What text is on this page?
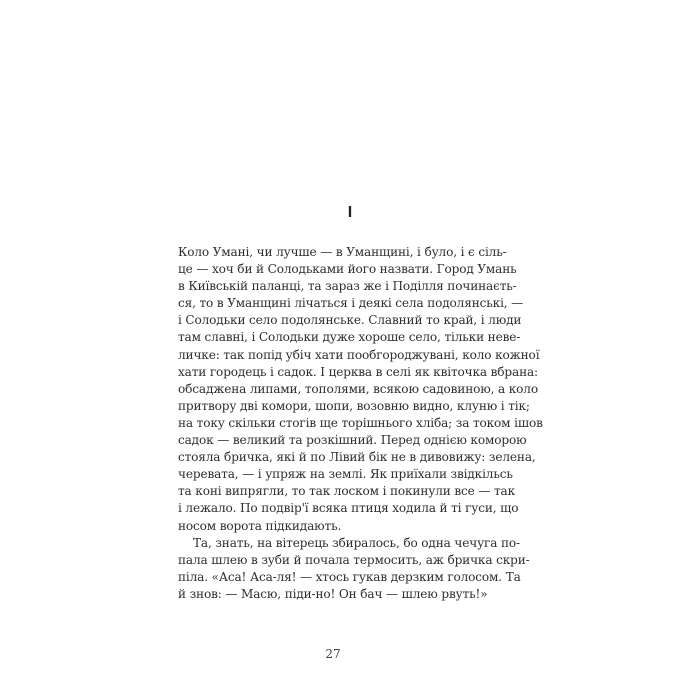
I
Коло Умані, чи лучше — в Уманщині, і було, і є сіль-
це — хоч би й Солодьками його назвати. Город Умань
в Київській паланці, та зараз же і Поділля починаєть-
ся, то в Уманщині лічаться і деякі села подолянські, —
і Солодьки село подолянське. Славний то край, і люди
там славні, і Солодьки дуже хороше село, тільки неве-
личке: так попід убіч хати пообгороджувані, коло кожної
хати городець і садок. І церква в селі як квіточка вбрана:
обсаджена липами, тополями, всякою садовиною, а коло
притвору дві комори, шопи, возовню видно, клуню і тік;
на току скільки стогів ще торішнього хліба; за током ішов
садок — великий та розкішний. Перед однією коморою
стояла бричка, які й по Лівий бік не в дивовижу: зелена,
черевата, — і упряж на землі. Як приїхали звідкільсь
та коні випрягли, то так лоском і покинули все — так
і лежало. По подвір'ї всяка птиця ходила й ті гуси, що
носом ворота підкидають.
Та, знать, на вітерець збиралось, бо одна чечуга по-
пала шлею в зуби й почала термосить, аж бричка скри-
піла. «Аса! Аса-ля! — хтось гукав дерзким голосом. Та
й знов: — Масю, піди-но! Он бач — шлею рвуть!»
27
